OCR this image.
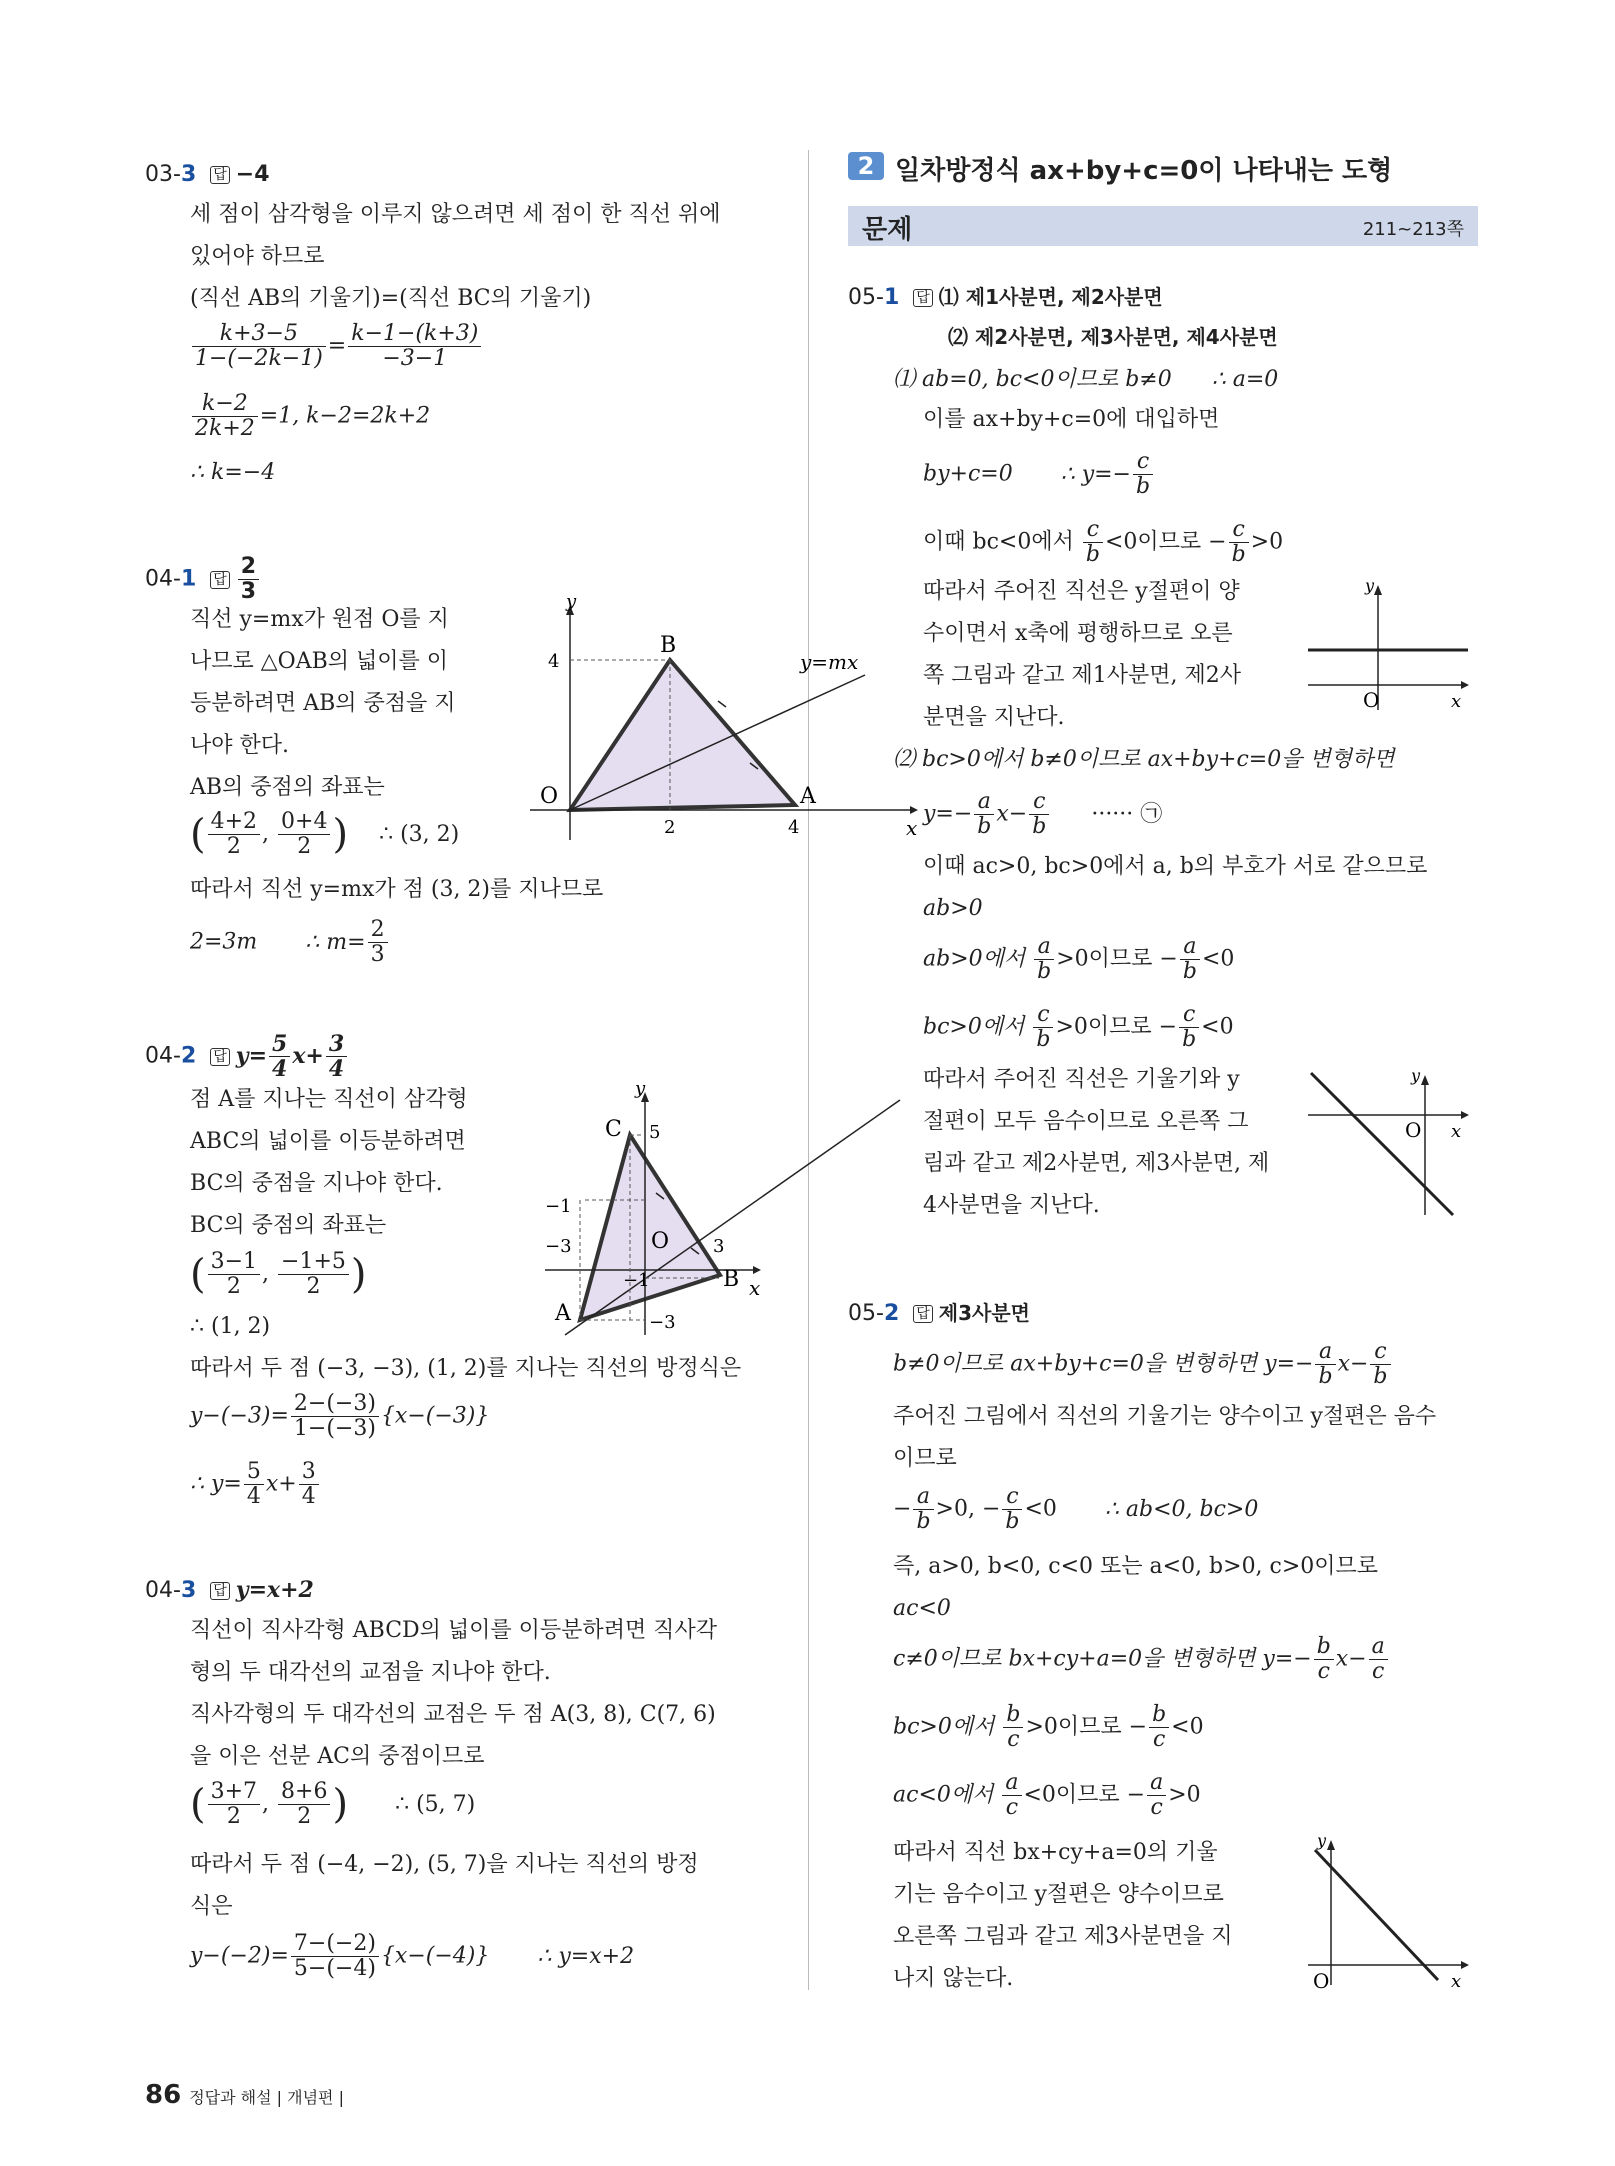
2 일차방정식 ax+by+c=0이 나타내는 도형
문제	211~213쪽
03-3 답 −4
세 점이 삼각형을 이루지 않으려면 세 점이 한 직선 위에
있어야 하므로
(직선 AB의 기울기)=(직선 BC의 기울기)
$\frac{k+3-5}{1-(-2k-1)} = \frac{k-1-(k+3)}{-3-1}$
$\frac{k-2}{2k+2} =1$, k−2=2k+2
∴ k=−4
04-1 답 $\frac{2}{3}$
직선 y=mx가 원점 O를 지
나므로 △OAB의 넓이를 이
등분하려면 AB의 중점을 지
나야 한다.
AB의 중점의 좌표는
( $\frac{4+2}{2}$ , $\frac{0+4}{2}$ ) ∴ (3, 2)
따라서 직선 y=mx가 점 (3, 2)를 지나므로
2=3m ∴ $m= \frac{2}{3}$
y
x
O	A
B
4
2	4
y=mx
04-2 답 $y= \frac{5}{4} x+ \frac{3}{4}$
점 A를 지나는 직선이 삼각형
ABC의 넓이를 이등분하려면
BC의 중점을 지나야 한다.
BC의 중점의 좌표는
( $\frac{3-1}{2}$ , $\frac{-1+5}{2}$ )
∴ (1, 2)
따라서 두 점 (−3, −3), (1, 2)를 지나는 직선의 방정식은
$y-(-3)= \frac{2-(-3)}{1-(-3)} \{x-(-3)\}$
∴ $y= \frac{5}{4} x+ \frac{3}{4}$
y
x
C 5
−1
−3	O 3
−1	B
A	−3
04-3 답 y=x+2
직선이 직사각형 ABCD의 넓이를 이등분하려면 직사각
형의 두 대각선의 교점을 지나야 한다.
직사각형의 두 대각선의 교점은 두 점 A(3, 8), C(7, 6)
을 이은 선분 AC의 중점이므로
( $\frac{3+7}{2}$ , $\frac{8+6}{2}$ ) ∴ (5, 7)
따라서 두 점 (−4, −2), (5, 7)을 지나는 직선의 방정
식은
$y-(-2)= \frac{7-(-2)}{5-(-4)} \{x-(-4)\}$ ∴ y=x+2
05-1 답 ⑴ 제1사분면, 제2사분면
⑵ 제2사분면, 제3사분면, 제4사분면
⑴ ab=0, bc<0이므로 b≠0 ∴ a=0
이를 ax+by+c=0에 대입하면
by+c=0 ∴ $y=- \frac{c}{b}$
이때 bc<0에서 $\frac{c}{b} <0$이므로 − $\frac{c}{b} >0$
따라서 주어진 직선은 y절편이 양
수이면서 x축에 평행하므로 오른
쪽 그림과 같고 제1사분면, 제2사
분면을 지난다.
y
x
O
⑵ bc>0에서 b≠0이므로 ax+by+c=0을 변형하면
$y=- \frac{a}{b} x- \frac{c}{b}$ ······ ㉠
이때 ac>0, bc>0에서 a, b의 부호가 서로 같으므로
ab>0
ab>0에서 $\frac{a}{b} >0$이므로 − $\frac{a}{b} <0$
bc>0에서 $\frac{c}{b} >0$이므로 − $\frac{c}{b} <0$
따라서 주어진 직선은 기울기와 y
절편이 모두 음수이므로 오른쪽 그
림과 같고 제2사분면, 제3사분면, 제
4사분면을 지난다.
y
x
O
05-2 답 제3사분면
b≠0이므로 ax+by+c=0을 변형하면 $y=- \frac{a}{b} x- \frac{c}{b}$
주어진 그림에서 직선의 기울기는 양수이고 y절편은 음수
이므로
− $\frac{a}{b} >0$, − $\frac{c}{b} <0$ ∴ ab<0, bc>0
즉, a>0, b<0, c<0 또는 a<0, b>0, c>0이므로
ac<0
c≠0이므로 bx+cy+a=0을 변형하면 $y=- \frac{b}{c} x- \frac{a}{c}$
bc>0에서 $\frac{b}{c} >0$이므로 − $\frac{b}{c} <0$
ac<0에서 $\frac{a}{c} <0$이므로 − $\frac{a}{c} >0$
따라서 직선 bx+cy+a=0의 기울
기는 음수이고 y절편은 양수이므로
오른쪽 그림과 같고 제3사분면을 지
나지 않는다.
y
x
O
86 정답과 해설 | 개념편 |
